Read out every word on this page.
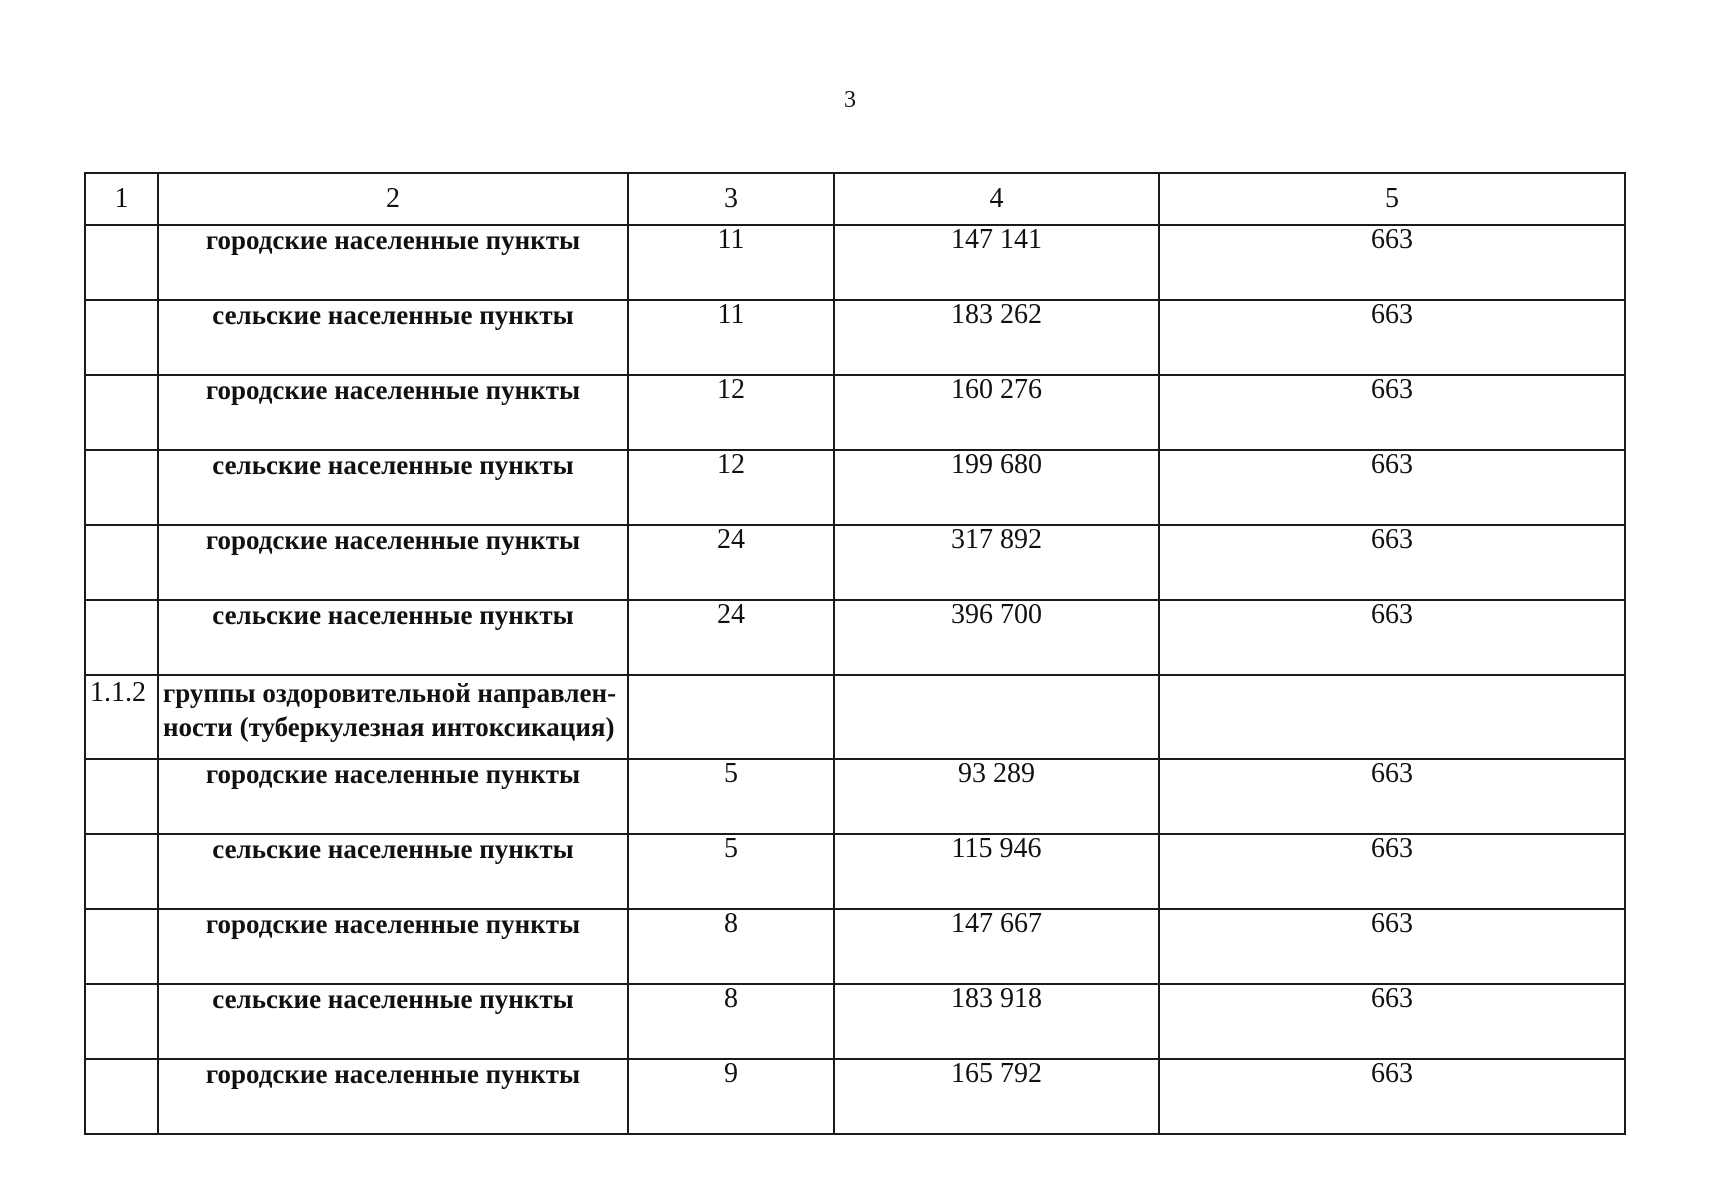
3
1	2	3	4	5
	городские населенные пункты	11	147 141	663
	сельские населенные пункты	11	183 262	663
	городские населенные пункты	12	160 276	663
	сельские населенные пункты	12	199 680	663
	городские населенные пункты	24	317 892	663
	сельские населенные пункты	24	396 700	663
1.1.2	группы оздоровительной направлен-ности (туберкулезная интоксикация)			
	городские населенные пункты	5	93 289	663
	сельские населенные пункты	5	115 946	663
	городские населенные пункты	8	147 667	663
	сельские населенные пункты	8	183 918	663
	городские населенные пункты	9	165 792	663
